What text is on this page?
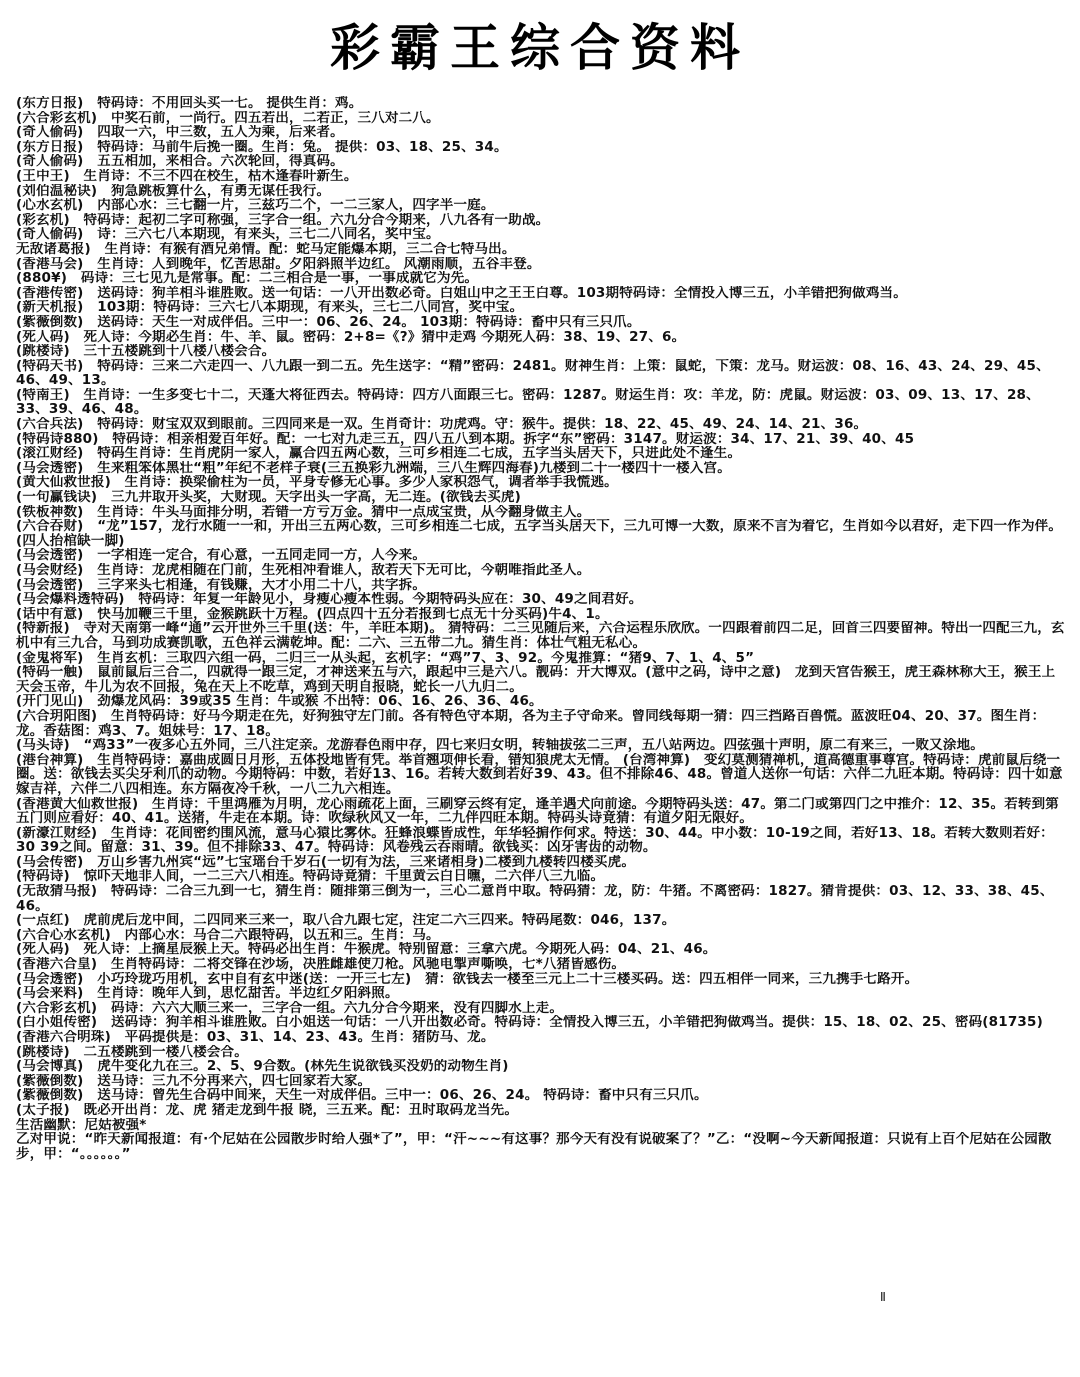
彩霸王综合资料
(东方日报)　特码诗：不用回头买一七。 提供生肖：鸡。
(六合彩玄机)　中奖石前，一尚行。四五若出，二若正，三八对二八。
(奇人偷码)　四取一六，中三数，五人为乘，后来者。
(东方日报)　特码诗：马前牛后挽一圈。生肖：兔。 提供：03、18、25、34。
(奇人偷码)　五五相加，来相合。六次轮回，得真码。
(王中王)　生肖诗：不三不四在校生，枯木逢春叶新生。
(刘伯温秘诀)　狗急跳板算什么，有勇无谋任我行。
(心水玄机)　内部心水：三七翻一片，三兹巧二个，一二三家人，四字半一庭。
(彩玄机)　特码诗：起初二字可称强，三字合一组。六九分合今期来，八九各有一助战。
(奇人偷码)　诗：三六七八本期现，有来头，三七二八同名，奖中宝。
无敌诸葛报)　生肖诗：有猴有酒兄弟情。配：蛇马定能爆本期，三二合七特马出。
(香港马会)　生肖诗：人到晚年，忆苦思甜。夕阳斜照半边红。 风潮雨顺，五谷丰登。
(880¥)　码诗：三七见九是常事。配：二三相合是一事，一事成就它为先。
(香港传密)　送码诗：狗羊相斗谁胜败。送一句话：一八开出数必奇。白姐山中之王王白尊。103期特码诗：全情投入博三五，小羊错把狗做鸡当。
(新天机报)　103期：特码诗：三六七八本期现，有来头，三七二八同宫，奖中宝。
(紫薇倒数)　送码诗：天生一对成伴侣。三中一：06、26、24。 103期：特码诗：畜中只有三只爪。
(死人码)　死人诗：今期必生肖：牛、羊、鼠。密码：2+8=《?》猜中走鸡 今期死人码：38、19、27、6。
(跳楼诗)　三十五楼跳到十八楼八楼会合。
(特码天书)　特码诗：三来二六走四一、八九跟一到二五。先生送字：“精”密码：2481。财神生肖：上策：鼠蛇，下策：龙马。财运波：08、16、43、24、29、45、46、49、13。
(特南王)　生肖诗：一生多变七十二，天蓬大将征西去。特码诗：四方八面跟三七。密码：1287。财运生肖：攻：羊龙，防：虎鼠。财运波：03、09、13、17、28、33、39、46、48。
(六合兵法)　特码诗：财宝双双到眼前。三四同来是一双。生肖奇计：功虎鸡。守：猴牛。提供：18、22、45、49、24、14、21、36。
(特码诗880)　特码诗：相亲相爱百年好。配：一七对九走三五，四八五八到本期。拆字“东”密码：3147。财运波：34、17、21、39、40、45
(滚江财经)　特码生肖诗：生肖虎阴一家人，赢合四五两心数，三可乡相连二七成，五字当头居天下，只进此处不逢生。
(马会透密)　生来粗笨体黑壮“粗”年纪不老样子衰(三五换彩九洲端，三八生辉四海春)九楼到二十一楼四十一楼入宫。
(黄大仙救世报)　生肖诗：换梁偷柱为一员，平身专修无心事。多少人家积怨气，调者举手我慌逃。
(一句赢钱诀)　三九井取开头奖，大财现。天字出头一字高，无二连。(欲钱去买虎)
(铁板神数)　生肖诗：牛头马面排分明，若错一方亏万金。猜中一点成宝贵，从今翻身做主人。
(六合吞财)　“龙”157，龙行水随一一和，开出三五两心数，三可乡相连二七成，五字当头居天下，三九可博一大数，原来不言为着它，生肖如今以君好，走下四一作为伴。(四人抬棺缺一脚)
(马会透密)　一字相连一定合，有心意，一五同走同一方，人今来。
(马会财经)　生肖诗：龙虎相随在门前，生死相冲看谁人，敌若天下无可比，今朝唯指此圣人。
(马会透密)　三字来头七相逢，有钱赚，大才小用二十八，共字拆。
(马会爆料透特码)　特码诗：年复一年龄见小，身瘦心瘦本性弱。今期特码头应在：30、49之间君好。
(话中有意)　快马加鞭三千里，金猴跳跃十万程。(四点四十五分若报到七点无十分买码)牛4、1。
(特新报)　寺对天南第一峰“通”云开世外三千里(送：牛，羊旺本期)。 猜特码：二三见随后来，六合运程乐欣欣。一四跟着前四二足，回首三四要留神。特出一四配三九，玄机中有三九合，马到功成赛凯歌，五色祥云满乾坤。配：二六、三五带二九。猜生肖：体壮气粗无私心。
(金鬼将军)　生肖玄机：三取四六组一码，二归三一从头起，玄机字：“鸡”7、3、92。今鬼推算：“猪9、7、1、4、5”
(特码一触)　鼠前鼠后三合二，四就得一跟三定，才神送来五与六，跟起中三是六八。靓码：开大博双。(意中之码，诗中之意)　龙到天宫告猴王，虎王森林称大王，猴王上天会玉帝，牛儿为农不回报，兔在天上不吃草，鸡到天明自报晓，蛇长一八九归二。
(开门见山)　劲爆龙风码：39或35 生肖：牛或猴 不出特：06、16、26、36、46。
(六合玥阳图)　生肖特码诗：好马今期走在先，好狗独守左门前。各有特色守本期，各为主子守命来。曾同线每期一猜：四三挡路百兽慌。蓝波旺04、20、37。图生肖：龙。香菇图：鸡3、7。姐妹号：17、18。
(马头诗)　“鸡33”一夜多心五外同，三八注定亲。龙游春色雨中存，四七来归女明，转轴拔弦二三声，五八站两边。四弦强十声明，原二有来三，一败又涂地。
(港台神算)　生肖特码诗：嘉曲成圆日月形，五体投地皆有凭。举首翘项伸长看，错知狼虎太无情。 (台湾神算)　变幻莫测猜禅机，道高德重事尊宫。特码诗：虎前鼠后绕一圈。送：欲钱去买尖牙利爪的动物。今期特码：中数，若好13、16。若转大数到若好39、43。但不排除46、48。曾道人送你一句话：六伴二九旺本期。特码诗：四十如意嫁吉祥，六伴二八四相连。东方隔夜冷千秋，一八二九六相连。
(香港黄大仙救世报)　生肖诗：千里鸿雁为月明，龙心雨疏花上面，三刷穿云终有定，逢羊遇犬向前途。今期特码头送：47。第二门或第四门之中推介：12、35。若转到第五门则应看好：40、41。送猪，牛走在本期。诗：吹绿秋风又一年，二九伴四旺本期。特码头诗竟猜：有道夕阳无限好。
(新濠江财经)　生肖诗：花间密约围风流，意马心猿比雾休。狂蜂浪蝶皆成性，年华轻掮作何求。特送：30、44。中小数：10-19之间，若好13、18。若转大数则若好：30 39之间。留意：31、39。但不排除33、47。特码诗：风卷残云吞雨晴。欲钱买：凶牙害齿的动物。
(马会传密)　万山乡害九州宾“远”七宝瑶台千岁石(一切有为法，三来诸相身)二楼到九楼转四楼买虎。
(特码诗)　惊吓天地非人间，一二三六八相连。特码诗竟猜：千里黄云白日曛，二六伴八三九临。
(无敌猜马报)　特码诗：二合三九到一七，猜生肖：随排第三倒为一，三心二意肖中取。特码猜：龙，防：牛猪。不离密码：1827。猜肯提供：03、12、33、38、45、46。
(一点红)　虎前虎后龙中间，二四同来三来一，取八合九跟七定，注定二六三四来。特码尾数：046，137。
(六合心水玄机)　内部心水：马合二六跟特码，以五和三。生肖：马。
(死人码)　死人诗：上摘星辰猴上天。特码必出生肖：牛猴虎。特别留意：三拿六虎。今期死人码：04、21、46。
(香港六合皇)　生肖特码诗：二将交锋在沙场，决胜雌雄使刀枪。风驰电掣声嘶唤，七*八猪皆感伤。
(马会透密)　小巧玲珑巧用机，玄中自有玄中迷(送：一开三七左)　猜：欲钱去一楼至三元上二十三楼买码。送：四五相伴一同来，三九携手七路开。
(马会来料)　生肖诗：晚年人到，思忆甜苦。半边红夕阳斜照。
(六合彩玄机)　码诗：六六大顺三来一，三字合一组。六九分合今期来，没有四脚水上走。
(白小姐传密)　送码诗：狗羊相斗谁胜败。白小姐送一句话：一八开出数必奇。特码诗：全情投入博三五，小羊错把狗做鸡当。提供：15、18、02、25、密码(81735)
(香港六合明珠)　平码提供是：03、31、14、23、43。生肖：猪防马、龙。
(跳楼诗)　二五楼跳到一楼八楼会合。
(马会博真)　虎牛变化九在三。2、5、9合数。(林先生说欲钱买没奶的动物生肖)
(紫薇倒数)　送马诗：三九不分再来六，四七回家若大家。
(紫薇倒数)　送马诗：曾先生合码中间来，天生一对成伴侣。三中一：06、26、24。 特码诗：畜中只有三只爪。
(太子报)　既必开出肖：龙、虎 猪走龙到牛报 晓，三五来。配：丑时取码龙当先。
生活幽默：尼姑被强*
乙对甲说：“昨天新闻报道：有·个尼姑在公园散步时给人强*了”，甲：“汗~~~有这事？那今天有没有说破案了？”乙：“没啊~今天新闻报道：只说有上百个尼姑在公园散步，甲：“。。。。。。”
Ⅱ
